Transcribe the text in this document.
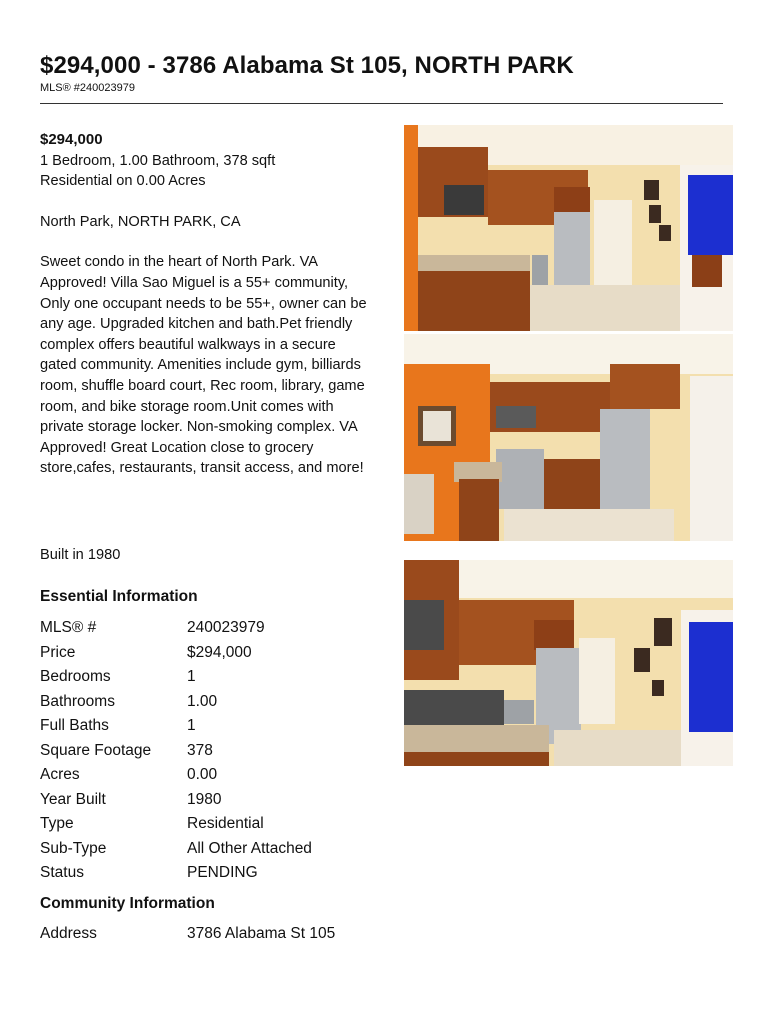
$294,000 - 3786 Alabama St 105, NORTH PARK
MLS® #240023979
$294,000
1 Bedroom, 1.00 Bathroom, 378 sqft
Residential on 0.00 Acres
North Park, NORTH PARK, CA
Sweet condo in the heart of North Park. VA Approved! Villa Sao Miguel is a 55+ community, Only one occupant needs to be 55+, owner can be any age. Upgraded kitchen and bath.Pet friendly complex offers beautiful walkways in a secure gated community. Amenities include gym, billiards room, shuffle board court, Rec room, library, game room, and bike storage room.Unit comes with private storage locker. Non-smoking complex. VA Approved! Great Location close to grocery store,cafes, restaurants, transit access, and more!
Built in 1980
Essential Information
MLS® #	240023979
Price	$294,000
Bedrooms	1
Bathrooms	1.00
Full Baths	1
Square Footage	378
Acres	0.00
Year Built	1980
Type	Residential
Sub-Type	All Other Attached
Status	PENDING
Community Information
Address	3786 Alabama St 105
